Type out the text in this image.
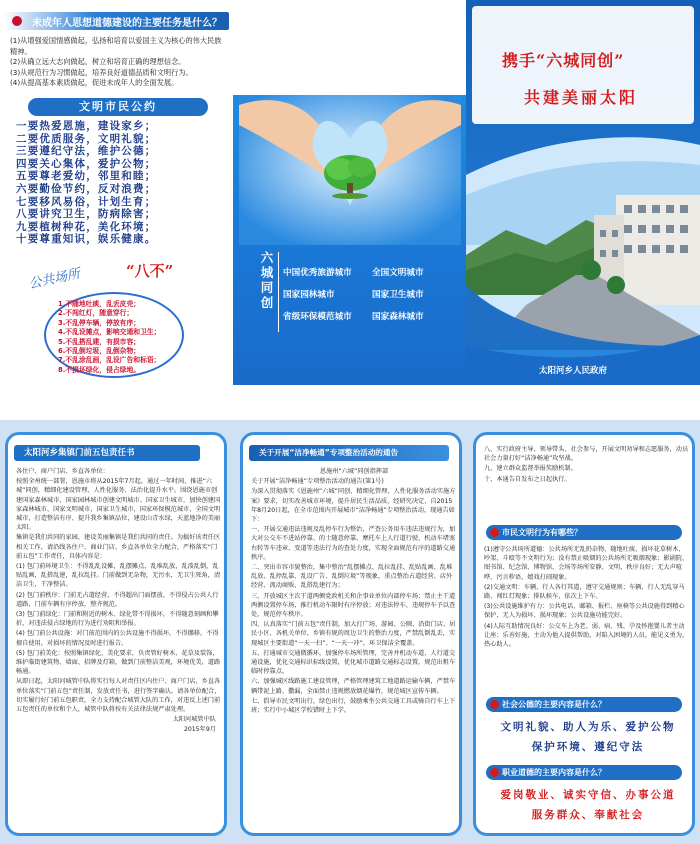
未成年人思想道德建设的主要任务是什么？

(1)从增强爱国情感做起，弘扬和培育以爱国主义为核心的伟大民族精神。

(2)从确立远大志向做起，树立和培育正确的理想信念。

(3)从规范行为习惯做起，培养良好道德品质和文明行为。

(4)从提高基本素质做起，促进未成年人的全面发展。

文明市民公约
一要热爱恩施，建设家乡；
二要优质服务，文明礼貌；
三要遵纪守法，维护公德；
四要关心集体，爱护公物；
五要尊老爱幼，邻里和睦；
六要勤俭节约，反对浪费；
七要移风易俗，计划生育；
八要讲究卫生，防病除害；
九要植树种花，美化环境；
十要尊重知识，娱乐健康。
公共场所	“八不”
1.不随地吐痰，乱丢皮壳；
2.不闯红灯，随意穿行；
3.不乱停车辆，停放有序；
4.不乱设摊点，影响交通和卫生；
5.不乱搭乱建，有损市容；
6.不乱倒垃圾，乱倒杂物；
7.不乱涂乱画，乱设广告和标语；
8.不损坏绿化，侵占绿地。
六城同创
中国优秀旅游城市 全国文明城市
国家园林城市	国家卫生城市
省级环保模范城市 国家森林城市
携手“六城同创”
共建美丽太阳
太阳河乡人民政府
太阳河乡集镇门前五包责任书

各住户、商户门店、乡直各单位：

按照全州统一部署，恩施市将从2015年7月起，通过一年时间，推进“六城”同创，精细化建设管理、人性化服务、法治化提升水平。围绕恩施市创建国家森林城市、国家园林城市创建文明城市、国家卫生城市，加快创建国家森林城市、国家文明城市，国家卫生城市，国家环保模范城市、全国文明城市，打造整洁有序、提升我乡集镇品位，建设山青水绿，天蓝地净的美丽太阳。

集镇是我们共同的家园，建设美丽集镇是我们共同的责任。为搞好该责任区相关工作，请沿线各住户、商业门店、乡直各单位全力配合，严格落实“门前五包”工作责任，具体内容是：

(1) 包门前环境卫生：不得乱乱设摊，乱摆摊点，乱堆乱放，乱泼乱倒，乱贴乱画，乱搭乱建，乱拉乱挂。门前做到无杂物，无污水，无卫生死角，清洁卫生，干净整洁。

(2) 包门前秩序：门前无占道经营，不得超出门面摆放，不得侵占公共人行道路，门前车辆有序停放，整齐规范。

(3) 包门前绿化：门前和附近的树木、绿化带不得损坏，不得随意刻画和攀折，对违法侵占绿地的行为进行劝阻和举报。

(4) 包门前公共设施：对门前范围内的公共设施不得损坏，不得挪移，不得擅自使用，对损坏的情况及时进行报告。

(5) 包门前美化：按照集镇绿化、美化要求，负责管好树木、花草及装饰，维护临街建筑物、墙面、招牌及灯箱，做到门前整洁美观，环境优美，道路畅通。

从即日起，太阳河城管中队将实行每人对责任区内住户、商户门店、乡直各单位落实“门前五包”责任制，发放责任书，进行签字确认。请各单位配合，切实履行好门前五包职责，全力支持配合城管大队的工作，对违反上述门前五包责任的单位和个人，城管中队将按有关法律法规严肃处理。

太阳河城管中队

2015年9月

关于开展“洁净畅通”专项整治活动的通告

恩施州“六城”同创指挥部

关于开展“洁净畅通”专项整治活动的通告(第1号)

为深入贯彻落实《恩施州“六城”同创、精细化管理、人性化服务活动实施方案》要求，切实改善城市环境，提升居民生活品质，经研究决定，自2015年8月20日起，在全市范围内开展城市“洁净畅通”专项整治活动，现通告如下：

一、开展交通违法违规及乱停车行为整治，严查公务用车违法违规行为，加大对公交车不进站停靠、的士随意停靠、摩托车上人行道行驶、机动车堵塞右转等车违章、变道等违法行为的查处力度，实现全面规范有序的道路交通秩序。

二、突出市容市貌整治，集中整治“乱摆摊点、乱拉乱挂、乱贴乱画、乱堆乱放、乱停乱靠、乱设广告、乱倒垃圾”等现象，重点整治占道经营、店外经营、流动商贩、乱搭乱建行为；

三、开放城区主次干道两侧党政机关和企事业单位内部停车场；禁止主干道两侧设置停车场，推行机动车限时有序停放；对违法停车、违规停车予以查处，规范停车秩序。

四、认真落实“门前五包”责任制，加大打广场、游园、公厕、沿街门店、居民小区、各机关单位、乡镇有规的周边卫生的整治力度，严禁乱倒乱丢，实现城区主要街道“一天一扫”、“一天一冲”，环卫保洁全覆盖。

五、打通城市交通微循环，加强停车场所管理，完善并机动车道、人行道交通设施，优化交通标识标线设置，优化城市道路交通标志设置，规范出租车临时停靠点。

六、加强城区线路施工建设管理，严格管理建筑工地道路运输车辆，严禁车辆带泥上路、撒漏，全面禁止违规燃放烟花爆竹，规范城区宣传车辆。

七、倡导市民文明出行，绿色出行，鼓励乘坐公共交通工具或骑自行车上下班；实行中小城区学校错时上下学。

八、实行政府主导、领导带头、社会参与，开展文明劝导和志愿服务，动员社会力量打好“洁净畅通”攻坚战。

九、建立群众监督举报奖励机制。

十、本通告自发布之日起执行。

市民文明行为有哪些？

(1)遵守公共场所道德：公共场所无乱扔杂物、随地吐痰、损坏花草树木、吵架、斗殴等不文明行为；没有禁止吸烟的公共场所无吸烟现象；影剧院、图书馆、纪念馆、博物馆、会场等场所安静、文明、秩序良好；无大声喧哗、污言秽语、嬉戏打闹现象。

(2)交通文明：车辆、行人各行其道，遵守交通规则；车辆、行人无乱穿马路、闯红灯现象；排队候车，依次上下车。

(3)公共设施维护有力：公共电话、邮箱、报栏、座椅等公共设施得到精心保护，无人为损坏、损坏现象；公共设施功能完好。

(4)人际互助情况良好：公交车上为老、弱、病、残、孕及怀抱婴儿者主动让座；乐善好施，主动为他人提供帮助，对陷入困境的人员，能见义勇为，热心助人。

社会公德的主要内容是什么？
文明礼貌、助人为乐、爱护公物
保护环境、遵纪守法
职业道德的主要内容是什么？
爱岗敬业、诚实守信、办事公道
服务群众、奉献社会
